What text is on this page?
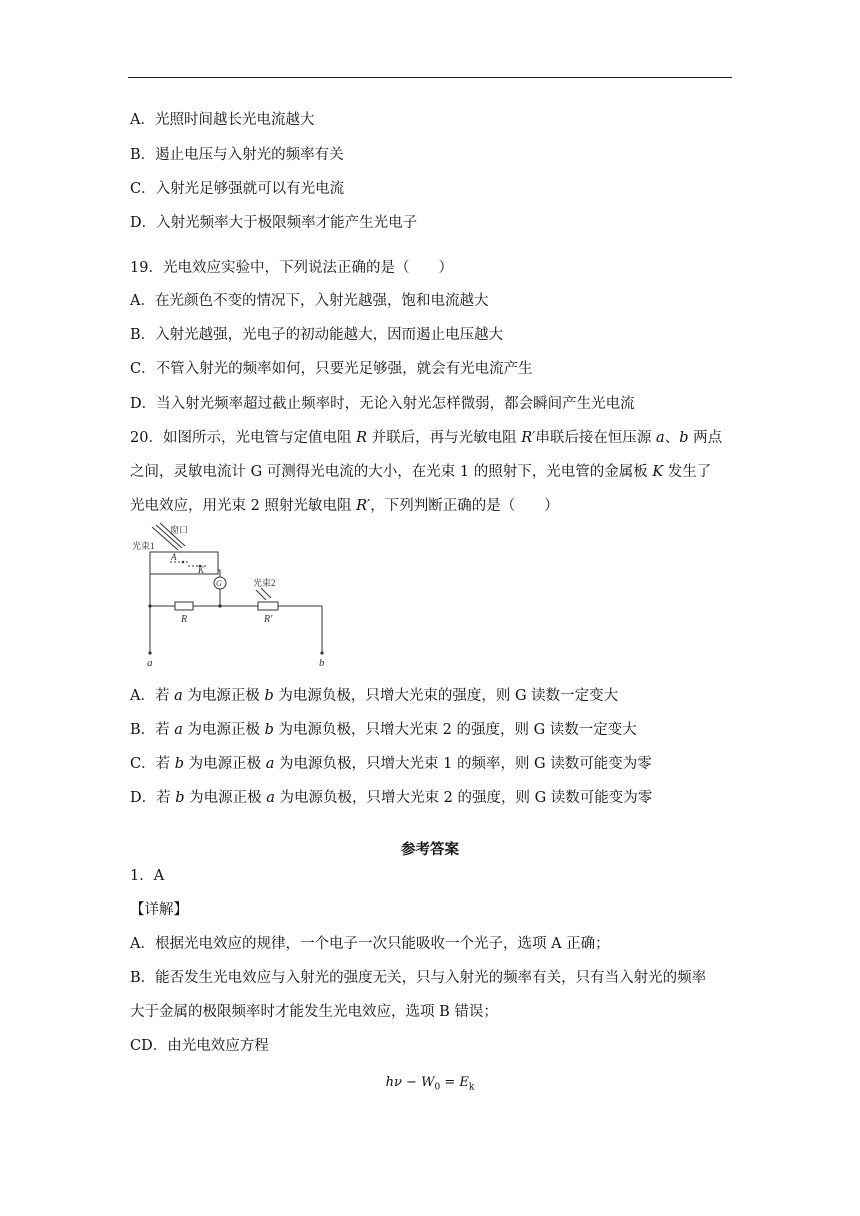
A．光照时间越长光电流越大
B．遏止电压与入射光的频率有关
C．入射光足够强就可以有光电流
D．入射光频率大于极限频率才能产生光电子
19．光电效应实验中，下列说法正确的是（　　）
A．在光颜色不变的情况下，入射光越强，饱和电流越大
B．入射光越强，光电子的初动能越大，因而遏止电压越大
C．不管入射光的频率如何，只要光足够强，就会有光电流产生
D．当入射光频率超过截止频率时，无论入射光怎样微弱，都会瞬间产生光电流
20．如图所示，光电管与定值电阻 R 并联后，再与光敏电阻 R′串联后接在恒压源 a、b 两点
之间，灵敏电流计 G 可测得光电流的大小，在光束 1 的照射下，光电管的金属板 K 发生了
光电效应，用光束 2 照射光敏电阻 R′，下列判断正确的是（　　）
窗口
光束1
A
K
G	光束2
R	R′
a	b
A．若 a 为电源正极 b 为电源负极，只增大光束的强度，则 G 读数一定变大
B．若 a 为电源正极 b 为电源负极，只增大光束 2 的强度，则 G 读数一定变大
C．若 b 为电源正极 a 为电源负极，只增大光束 1 的频率，则 G 读数可能变为零
D．若 b 为电源正极 a 为电源负极，只增大光束 2 的强度，则 G 读数可能变为零
参考答案
1．A
【详解】
A．根据光电效应的规律，一个电子一次只能吸收一个光子，选项 A 正确；
B．能否发生光电效应与入射光的强度无关，只与入射光的频率有关，只有当入射光的频率
大于金属的极限频率时才能发生光电效应，选项 B 错误；
CD．由光电效应方程
$h\nu - W_0 = E_k$
